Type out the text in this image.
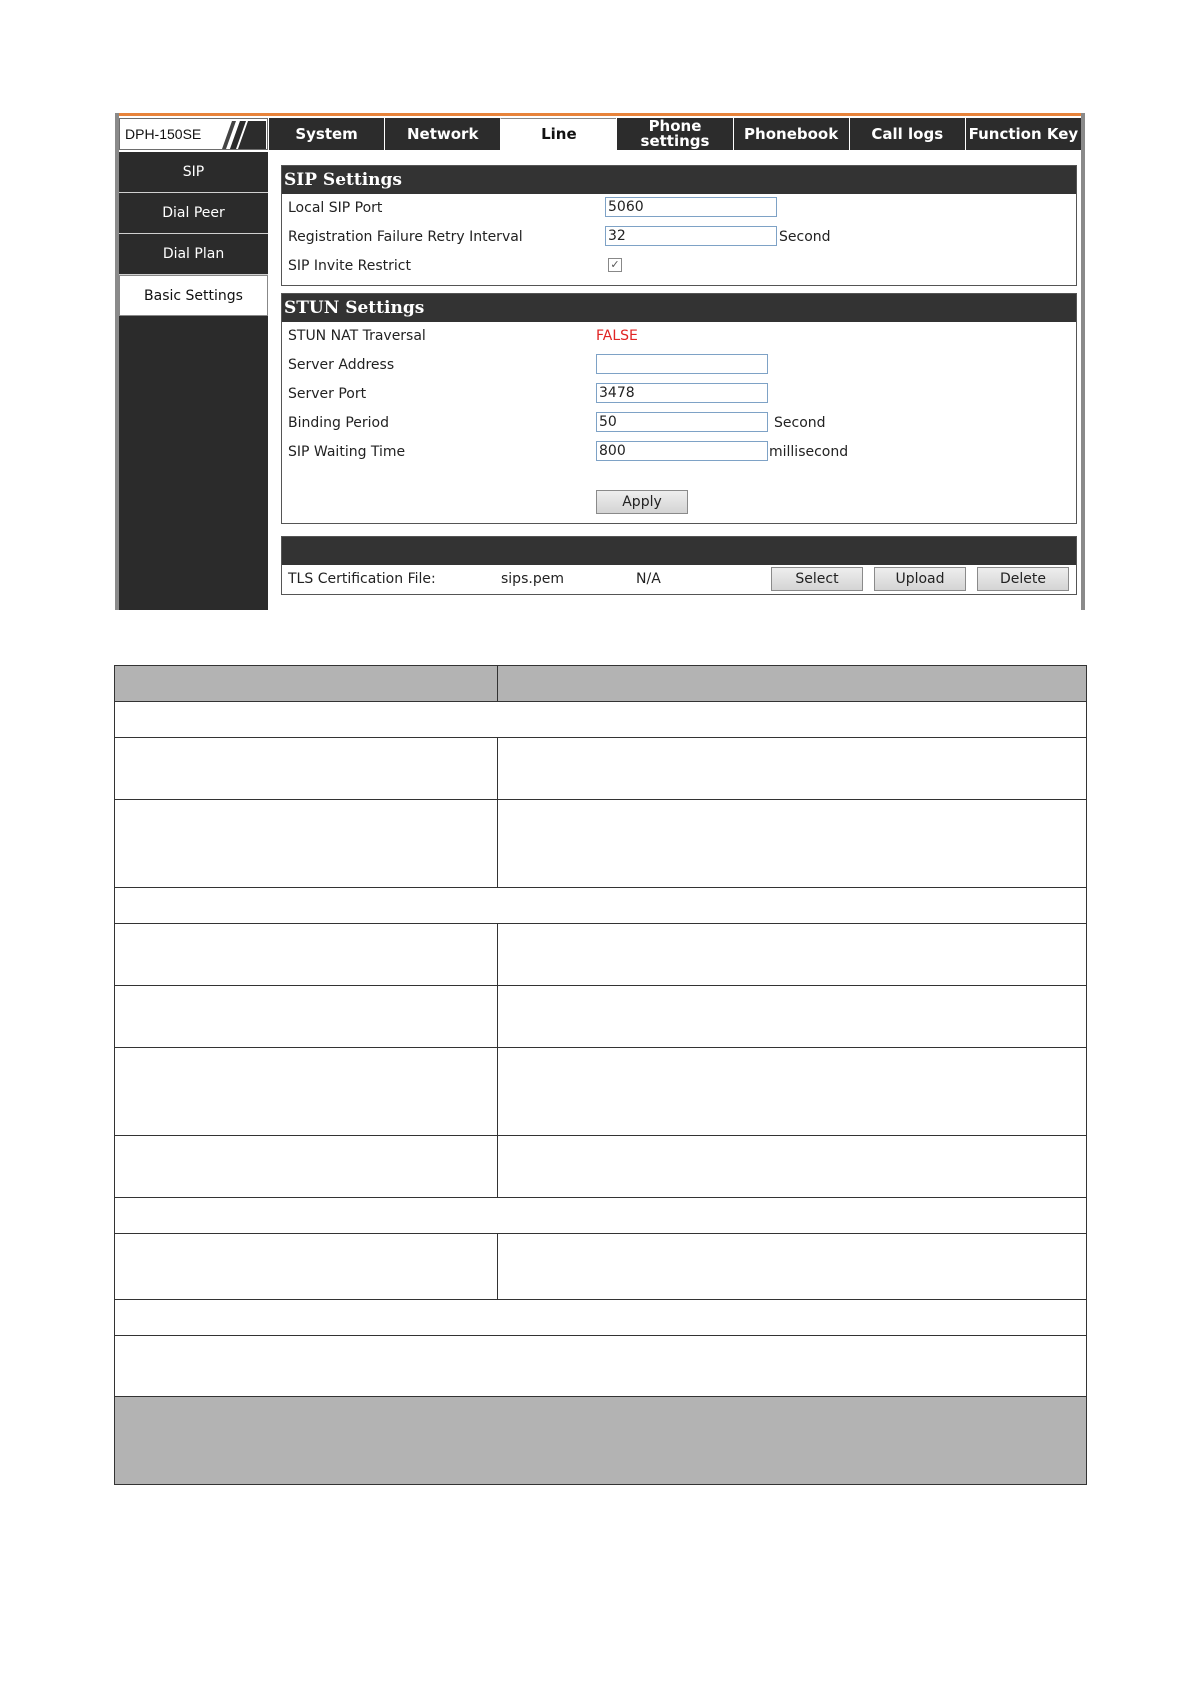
DPH-150SE	System	Network	Line	Phone settings	Phonebook	Call logs	Function Key
SIP
Dial Peer
Dial Plan
Basic Settings
SIP Settings
Local SIP Port	5060
Registration Failure Retry Interval	32	Second
SIP Invite Restrict	✓
STUN Settings
STUN NAT Traversal	FALSE
Server Address
Server Port	3478
Binding Period	50	Second
SIP Waiting Time	800	millisecond
Apply
TLS Certification File:	sips.pem	N/A	Select	Upload	Delete
